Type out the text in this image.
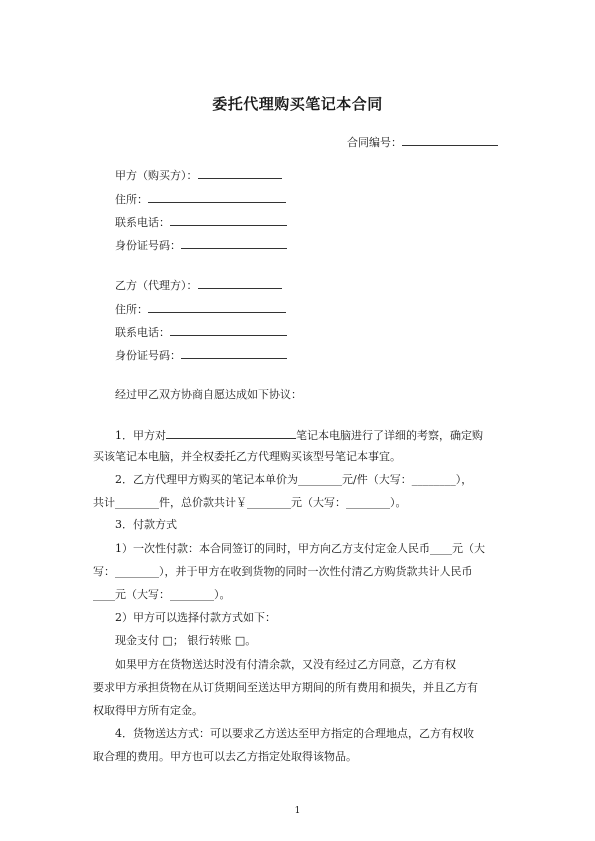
委托代理购买笔记本合同
合同编号：
甲方（购买方）：
住所：
联系电话：
身份证号码：
乙方（代理方）：
住所：
联系电话：
身份证号码：
经过甲乙双方协商自愿达成如下协议：
1．甲方对	笔记本电脑进行了详细的考察，确定购
买该笔记本电脑，并全权委托乙方代理购买该型号笔记本事宜。
2．乙方代理甲方购买的笔记本单价为________元/件（大写：________），
共计________件，总价款共计￥________元（大写：________）。
3．付款方式
1）一次性付款：本合同签订的同时，甲方向乙方支付定金人民币____元（大
写：________），并于甲方在收到货物的同时一次性付清乙方购货款共计人民币
____元（大写：________）。
2）甲方可以选择付款方式如下：
现金支付 □； 银行转账 □。
如果甲方在货物送达时没有付清余款，又没有经过乙方同意，乙方有权
要求甲方承担货物在从订货期间至送达甲方期间的所有费用和损失，并且乙方有
权取得甲方所有定金。
4．货物送达方式：可以要求乙方送达至甲方指定的合理地点，乙方有权收
取合理的费用。甲方也可以去乙方指定处取得该物品。
1
